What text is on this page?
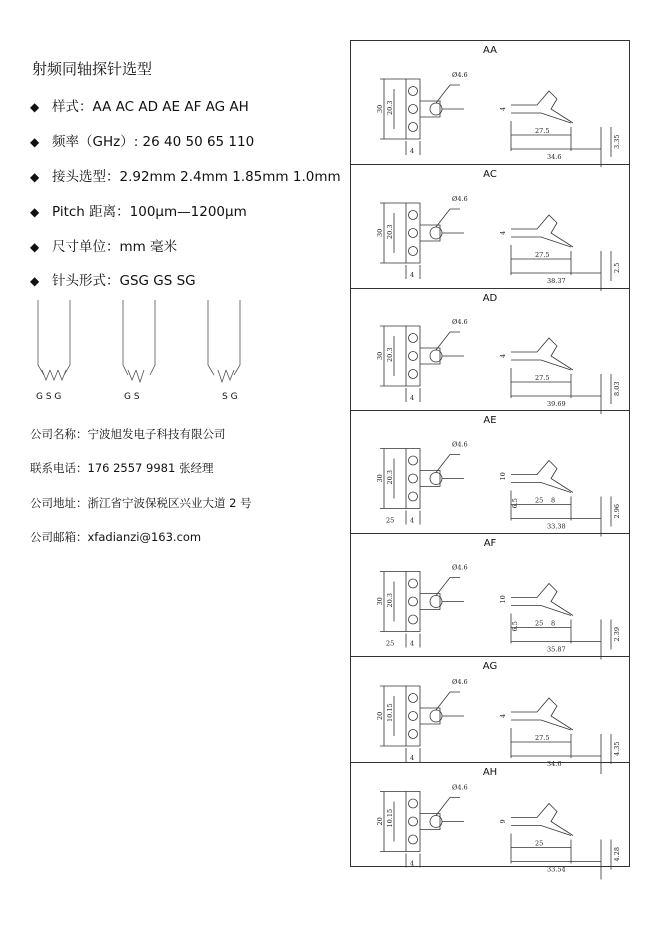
射频同轴探针选型
◆ 样式：AA AC AD AE AF AG AH
◆ 频率（GHz）: 26 40 50 65 110
◆ 接头选型：2.92mm 2.4mm 1.85mm 1.0mm
◆ Pitch 距离：100μm—1200μm
◆ 尺寸单位：mm 毫米
◆ 针头形式：GSG GS SG
G S G	G S	S G
公司名称：宁波旭发电子科技有限公司
联系电话：176 2557 9981 张经理
公司地址：浙江省宁波保税区兴业大道 2 号
公司邮箱：xfadianzi@163.com
AA
Ø4.6
30 20.3
4
4
27.5
34.6
3.35
AC
Ø4.6
30 20.3
4
4
27.5
38.37
2.5
AD
Ø4.6
30 20.3
4
4
27.5
39.69
8.03
AE
Ø4.6
30 20.3
4
25
10
6.5	8
25
33.38
2.96
AF
Ø4.6
30 20.3
4
25
10
6.5	8
25
35.87
2.39
AG
Ø4.6
20 10.15
4
4
27.5
34.6
4.35
AH
Ø4.6
20 10.15
4
9
25
33.54
4.28
